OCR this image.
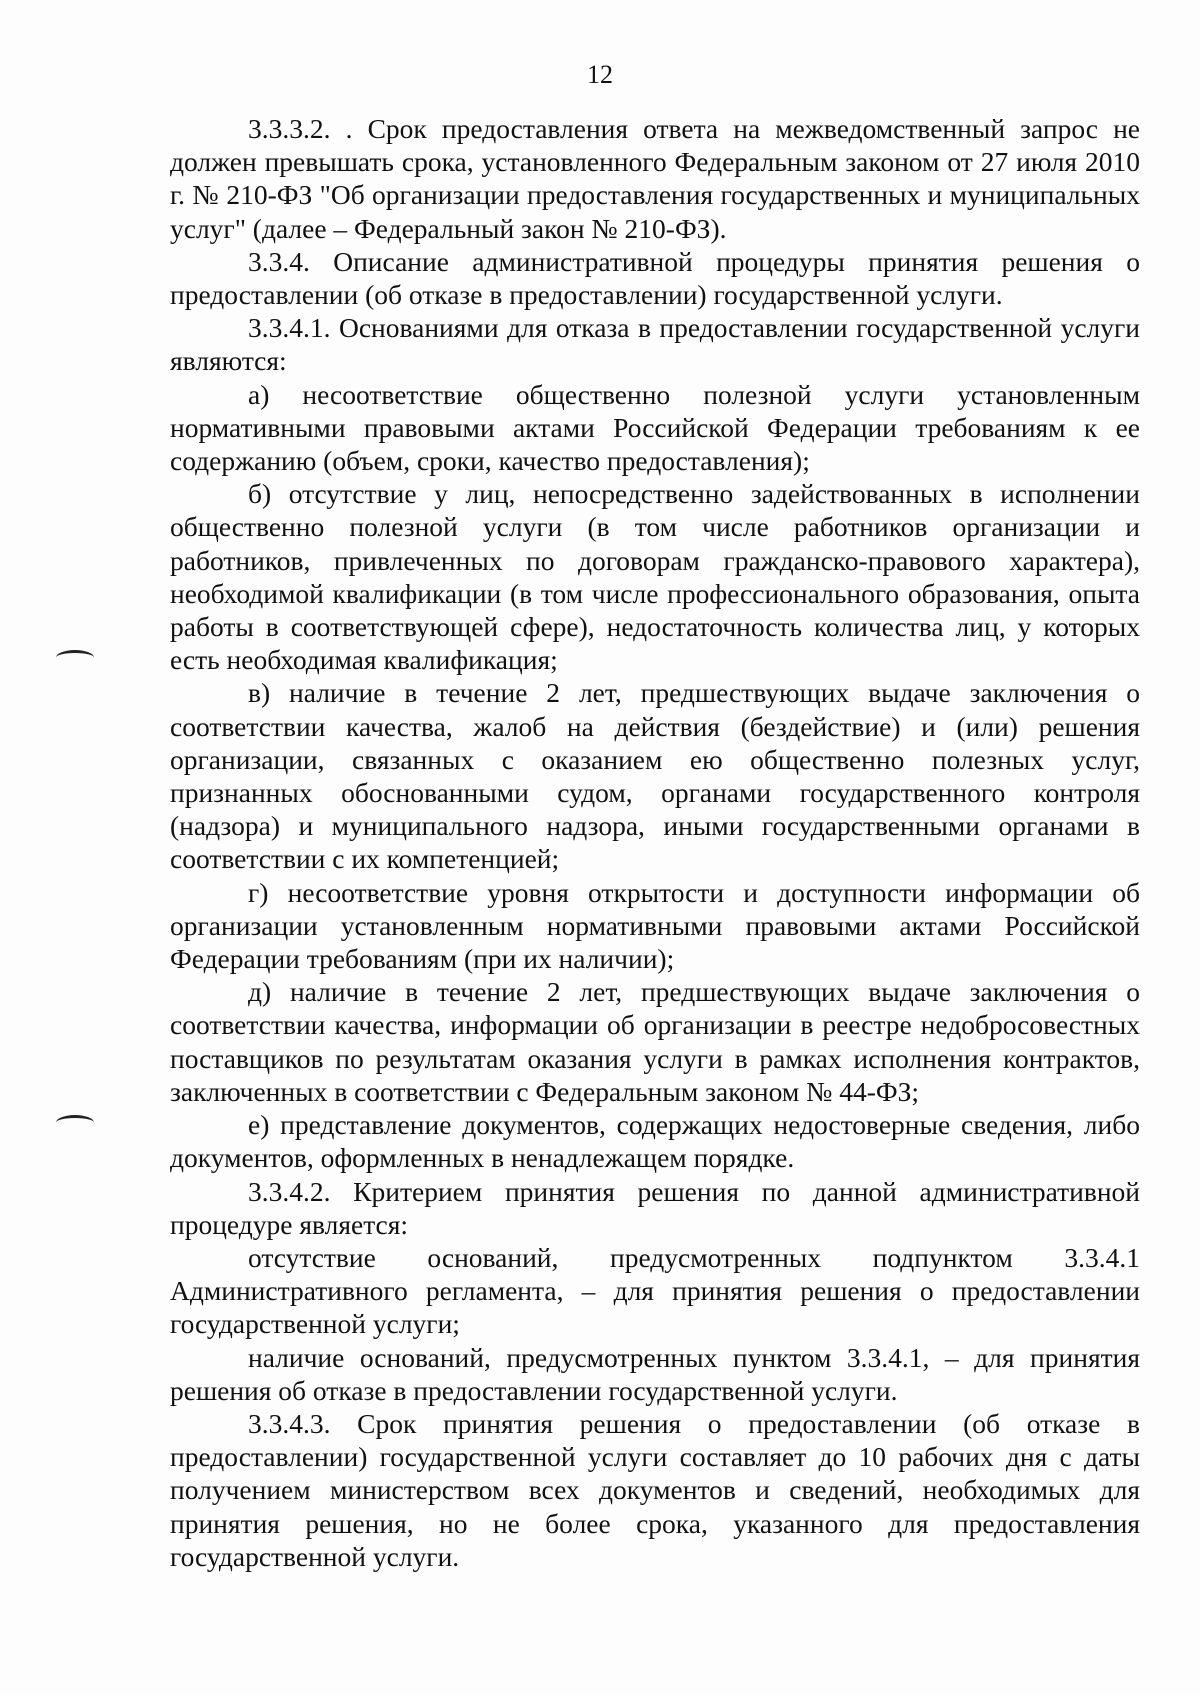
12

3.3.3.2. . Срок предоставления ответа на межведомственный запрос не должен превышать срока, установленного Федеральным законом от 27 июля 2010 г. № 210-ФЗ "Об организации предоставления государственных и муниципальных услуг" (далее – Федеральный закон № 210-ФЗ).

3.3.4. Описание административной процедуры принятия решения о предоставлении (об отказе в предоставлении) государственной услуги.

3.3.4.1. Основаниями для отказа в предоставлении государственной услуги являются:

а) несоответствие общественно полезной услуги установленным нормативными правовыми актами Российской Федерации требованиям к ее содержанию (объем, сроки, качество предоставления);

б) отсутствие у лиц, непосредственно задействованных в исполнении общественно полезной услуги (в том числе работников организации и работников, привлеченных по договорам гражданско-правового характера), необходимой квалификации (в том числе профессионального образования, опыта работы в соответствующей сфере), недостаточность количества лиц, у которых есть необходимая квалификация;

в) наличие в течение 2 лет, предшествующих выдаче заключения о соответствии качества, жалоб на действия (бездействие) и (или) решения организации, связанных с оказанием ею общественно полезных услуг, признанных обоснованными судом, органами государственного контроля (надзора) и муниципального надзора, иными государственными органами в соответствии с их компетенцией;

г) несоответствие уровня открытости и доступности информации об организации установленным нормативными правовыми актами Российской Федерации требованиям (при их наличии);

д) наличие в течение 2 лет, предшествующих выдаче заключения о соответствии качества, информации об организации в реестре недобросовестных поставщиков по результатам оказания услуги в рамках исполнения контрактов, заключенных в соответствии с Федеральным законом № 44-ФЗ;

е) представление документов, содержащих недостоверные сведения, либо документов, оформленных в ненадлежащем порядке.

3.3.4.2. Критерием принятия решения по данной административной процедуре является:

отсутствие оснований, предусмотренных подпунктом 3.3.4.1 Административного регламента, – для принятия решения о предоставлении государственной услуги;

наличие оснований, предусмотренных пунктом 3.3.4.1, – для принятия решения об отказе в предоставлении государственной услуги.

3.3.4.3. Срок принятия решения о предоставлении (об отказе в предоставлении) государственной услуги составляет до 10 рабочих дня с даты получением министерством всех документов и сведений, необходимых для принятия решения, но не более срока, указанного для предоставления государственной услуги.
